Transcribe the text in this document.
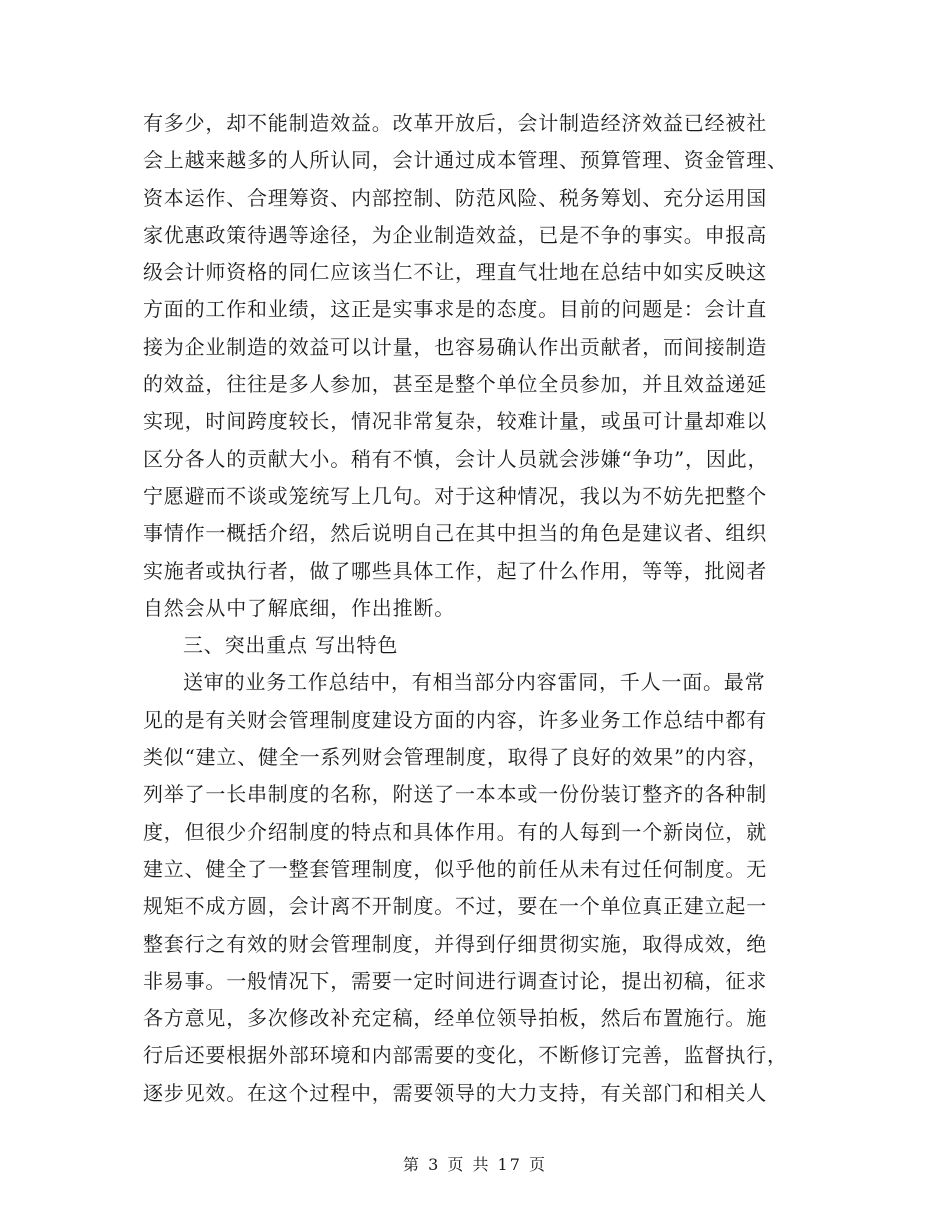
有多少，却不能制造效益。改革开放后，会计制造经济效益已经被社
会上越来越多的人所认同，会计通过成本管理、预算管理、资金管理、
资本运作、合理筹资、内部控制、防范风险、税务筹划、充分运用国
家优惠政策待遇等途径，为企业制造效益，已是不争的事实。申报高
级会计师资格的同仁应该当仁不让，理直气壮地在总结中如实反映这
方面的工作和业绩，这正是实事求是的态度。目前的问题是：会计直
接为企业制造的效益可以计量，也容易确认作出贡献者，而间接制造
的效益，往往是多人参加，甚至是整个单位全员参加，并且效益递延
实现，时间跨度较长，情况非常复杂，较难计量，或虽可计量却难以
区分各人的贡献大小。稍有不慎，会计人员就会涉嫌“争功”，因此，
宁愿避而不谈或笼统写上几句。对于这种情况，我以为不妨先把整个
事情作一概括介绍，然后说明自己在其中担当的角色是建议者、组织
实施者或执行者，做了哪些具体工作，起了什么作用，等等，批阅者
自然会从中了解底细，作出推断。
三、突出重点 写出特色
送审的业务工作总结中，有相当部分内容雷同，千人一面。最常
见的是有关财会管理制度建设方面的内容，许多业务工作总结中都有
类似“建立、健全一系列财会管理制度，取得了良好的效果”的内容，
列举了一长串制度的名称，附送了一本本或一份份装订整齐的各种制
度，但很少介绍制度的特点和具体作用。有的人每到一个新岗位，就
建立、健全了一整套管理制度，似乎他的前任从未有过任何制度。无
规矩不成方圆，会计离不开制度。不过，要在一个单位真正建立起一
整套行之有效的财会管理制度，并得到仔细贯彻实施，取得成效，绝
非易事。一般情况下，需要一定时间进行调查讨论，提出初稿，征求
各方意见，多次修改补充定稿，经单位领导拍板，然后布置施行。施
行后还要根据外部环境和内部需要的变化，不断修订完善，监督执行，
逐步见效。在这个过程中，需要领导的大力支持，有关部门和相关人
第 3 页 共 17 页
